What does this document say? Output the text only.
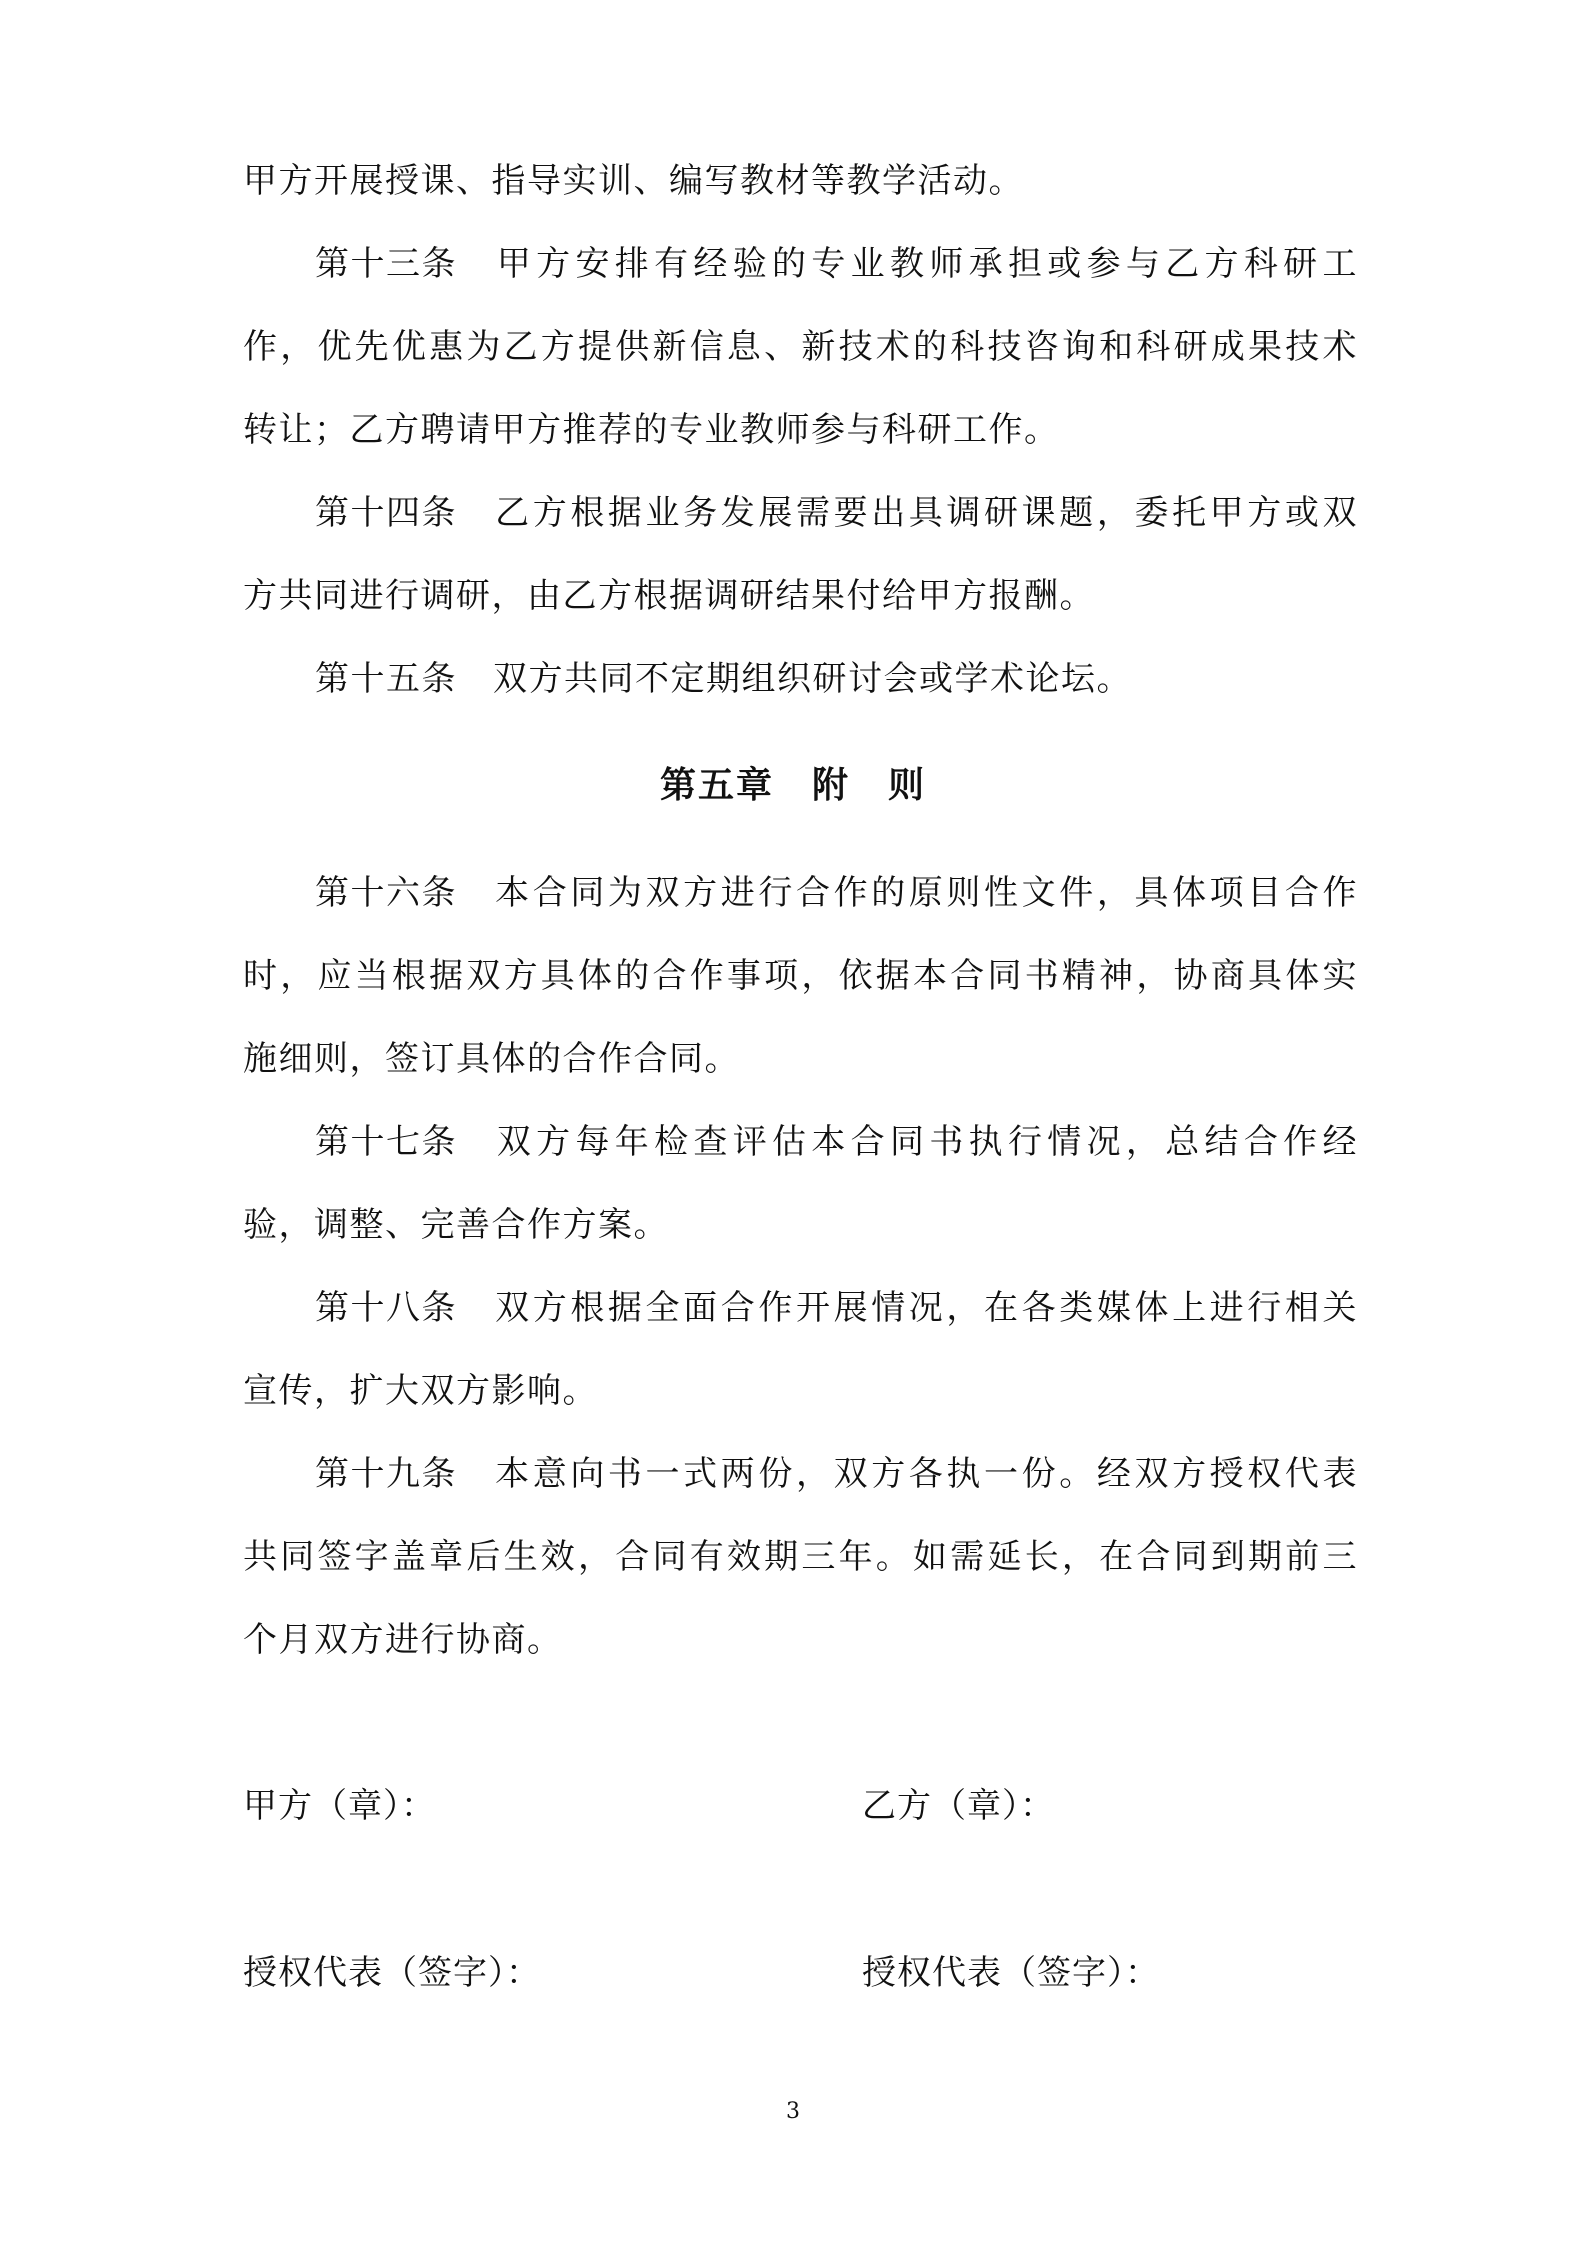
甲方开展授课、指导实训、编写教材等教学活动。
第十三条 甲方安排有经验的专业教师承担或参与乙方科研工
作，优先优惠为乙方提供新信息、新技术的科技咨询和科研成果技术
转让；乙方聘请甲方推荐的专业教师参与科研工作。
第十四条 乙方根据业务发展需要出具调研课题，委托甲方或双
方共同进行调研，由乙方根据调研结果付给甲方报酬。
第十五条 双方共同不定期组织研讨会或学术论坛。
第五章　附　则
第十六条 本合同为双方进行合作的原则性文件，具体项目合作
时，应当根据双方具体的合作事项，依据本合同书精神，协商具体实
施细则，签订具体的合作合同。
第十七条 双方每年检查评估本合同书执行情况，总结合作经
验，调整、完善合作方案。
第十八条 双方根据全面合作开展情况，在各类媒体上进行相关
宣传，扩大双方影响。
第十九条 本意向书一式两份，双方各执一份。经双方授权代表
共同签字盖章后生效，合同有效期三年。如需延长，在合同到期前三
个月双方进行协商。
甲方（章）：	乙方（章）：
授权代表（签字）：	授权代表（签字）：
3
